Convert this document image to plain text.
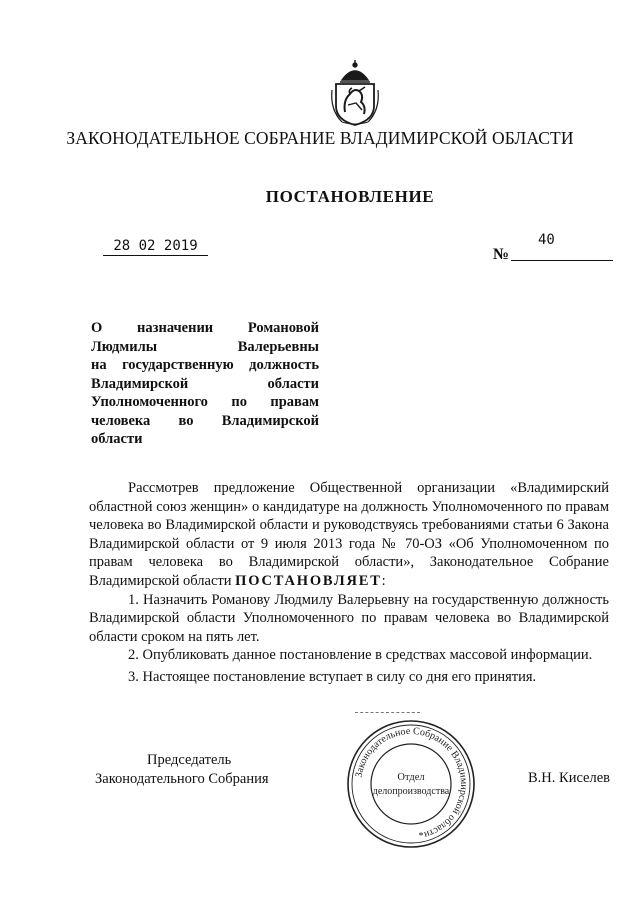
ЗАКОНОДАТЕЛЬНОЕ СОБРАНИЕ ВЛАДИМИРСКОЙ ОБЛАСТИ
ПОСТАНОВЛЕНИЕ
28 02 2019	№
40
О назначении Романовой
Людмилы Валерьевны
на государственную должность
Владимирской области
Уполномоченного по правам
человека во Владимирской
области

Рассмотрев предложение Общественной организации «Владимирский областной союз женщин» о кандидатуре на должность Уполномоченного по правам человека во Владимирской области и руководствуясь требованиями статьи 6 Закона Владимирской области от 9 июля 2013 года № 70-ОЗ «Об Уполномоченном по правам человека во Владимирской области», Законодательное Собрание Владимирской области ПОСТАНОВЛЯЕТ:

1. Назначить Романову Людмилу Валерьевну на государственную должность Владимирской области Уполномоченного по правам человека во Владимирской области сроком на пять лет.

2. Опубликовать данное постановление в средствах массовой информации.

3. Настоящее постановление вступает в силу со дня его принятия.

Председатель
Законодательного Собрания	В.Н. Киселев
Законодательное Собрание Владимирской области
Отдел
делопроизводства
*
